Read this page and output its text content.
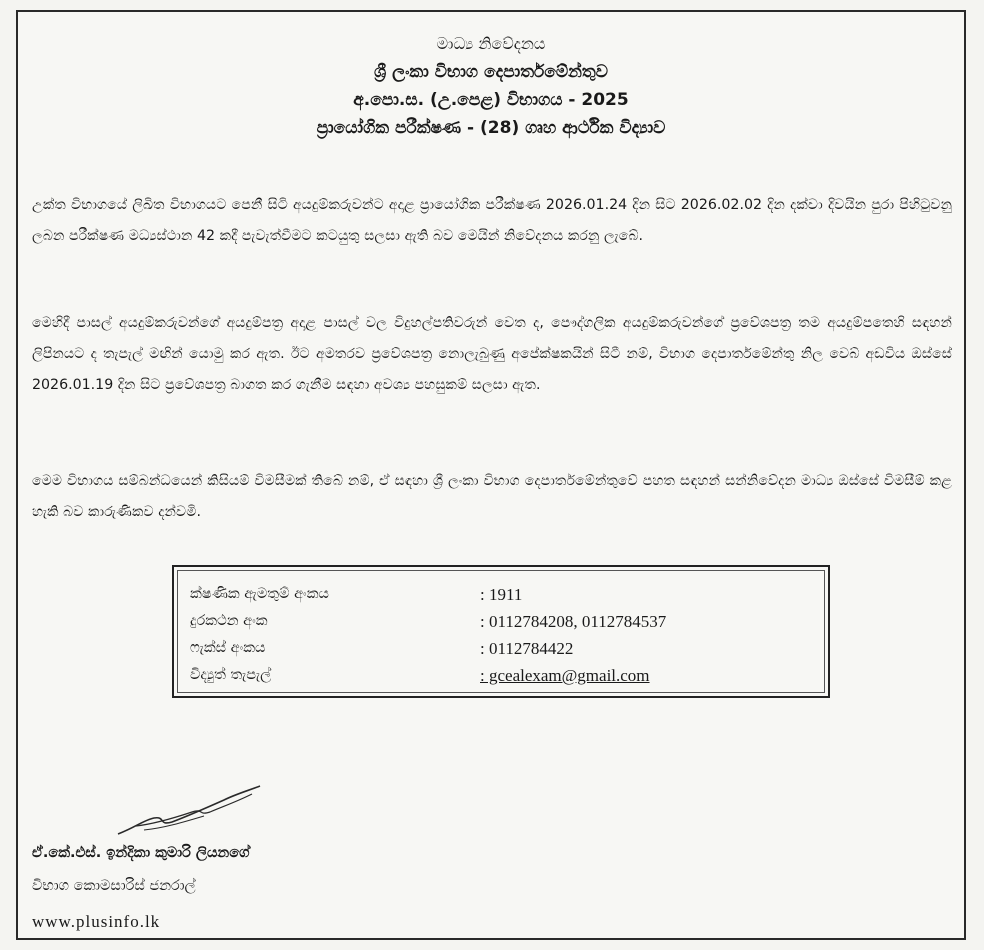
මාධ්‍ය නිවේදනය
ශ්‍රී ලංකා විභාග දෙපාර්තමේන්තුව
අ.පො.ස. (උ.පෙළ) විභාගය - 2025
ප්‍රායෝගික පරීක්ෂණ - (28) ගෘහ ආර්ථික විද්‍යාව
උක්ත විභාගයේ ලිඛිත විභාගයට පෙනී සිටි අයදුම්කරුවන්ට අදාළ ප්‍රායෝගික පරීක්ෂණ 2026.01.24 දින සිට 2026.02.02 දින දක්වා දිවයින පුරා පිහිටුවනු ලබන පරීක්ෂණ මධ්‍යස්ථාන 42 කදී පැවැත්වීමට කටයුතු සලසා ඇති බව මෙයින් නිවේදනය කරනු ලැබේ.
මෙහිදී පාසල් අයදුම්කරුවන්ගේ අයදුම්පත්‍ර අදාළ පාසල් වල විදුහල්පතිවරුන් වෙත ද, පෞද්ගලික අයදුම්කරුවන්ගේ ප්‍රවේශපත්‍ර තම අයදුම්පතෙහි සඳහන් ලිපිනයට ද තැපැල් මඟින් යොමු කර ඇත. ඊට අමතරව ප්‍රවේශපත්‍ර නොලැබුණු අපේක්ෂකයින් සිටී නම්, විභාග දෙපාර්තමේන්තු නිල වෙබ් අඩවිය ඔස්සේ 2026.01.19 දින සිට ප්‍රවේශපත්‍ර බාගත කර ගැනීම සඳහා අවශ්‍ය පහසුකම් සලසා ඇත.
මෙම විභාගය සම්බන්ධයෙන් කිසියම් විමසීමක් තිබේ නම්, ඒ සඳහා ශ්‍රී ලංකා විභාග දෙපාර්තමේන්තුවේ පහත සඳහන් සන්නිවේදන මාධ්‍ය ඔස්සේ විමසීම් කළ හැකි බව කාරුණිකව දන්වමි.
ක්ෂණික ඇමතුම් අංකය	: 1911
දුරකථන අංක	: 0112784208, 0112784537
ෆැක්ස් අංකය	: 0112784422
විද්‍යුත් තැපැල්	: gcealexam@gmail.com
ඒ.කේ.එස්. ඉන්දිකා කුමාරි ලියනගේ
විභාග කොමසාරිස් ජනරාල්
www.plusinfo.lk
